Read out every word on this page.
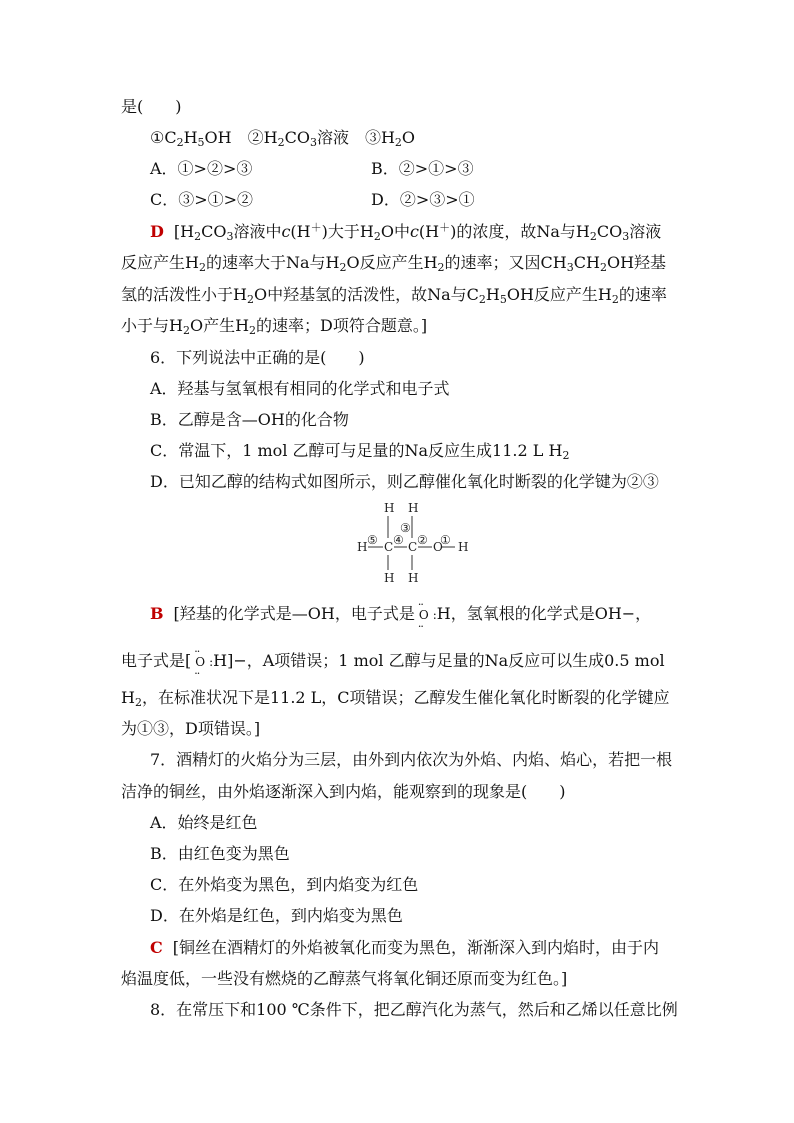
是(　　)
$①C_2H_5OH$　$②H_2CO_3$溶液　$③H_2O$
A．①>②>③	B．②>①>③
C．③>①>②	D．②>③>①
D [$H_2CO_3$溶液中c(H＋)大于$H_2O$中c(H＋)的浓度，故Na与$H_2CO_3$溶液
反应产生$H_2$的速率大于Na与$H_2O$反应产生$H_2$的速率；又因$CH_3CH_2OH$羟基
氢的活泼性小于$H_2O$中羟基氢的活泼性，故Na与$C_2H_5OH$反应产生$H_2$的速率
小于与$H_2O$产生$H_2$的速率；D项符合题意。]
6．下列说法中正确的是(　　)
A．羟基与氢氧根有相同的化学式和电子式
B．乙醇是含—OH的化合物
C．常温下，1 mol 乙醇可与足量的Na反应生成11.2 L $H_2$
D．已知乙醇的结构式如图所示，则乙醇催化氧化时断裂的化学键为②③
H H
H C C O H
H H
⑤ ④
③
② ①
B [羟基的化学式是—OH，电子式是 ·· O ·· :H，氢氧根的化学式是OH−，
电子式是[ ·· O ·· :H]−，A项错误；1 mol 乙醇与足量的Na反应可以生成0.5 mol
$H_2$，在标准状况下是11.2 L，C项错误；乙醇发生催化氧化时断裂的化学键应
为①③，D项错误。]
7．酒精灯的火焰分为三层，由外到内依次为外焰、内焰、焰心，若把一根
洁净的铜丝，由外焰逐渐深入到内焰，能观察到的现象是(　　)
A．始终是红色
B．由红色变为黑色
C．在外焰变为黑色，到内焰变为红色
D．在外焰是红色，到内焰变为黑色
C [铜丝在酒精灯的外焰被氧化而变为黑色，渐渐深入到内焰时，由于内
焰温度低，一些没有燃烧的乙醇蒸气将氧化铜还原而变为红色。]
8．在常压下和100 ℃条件下，把乙醇汽化为蒸气，然后和乙烯以任意比例
